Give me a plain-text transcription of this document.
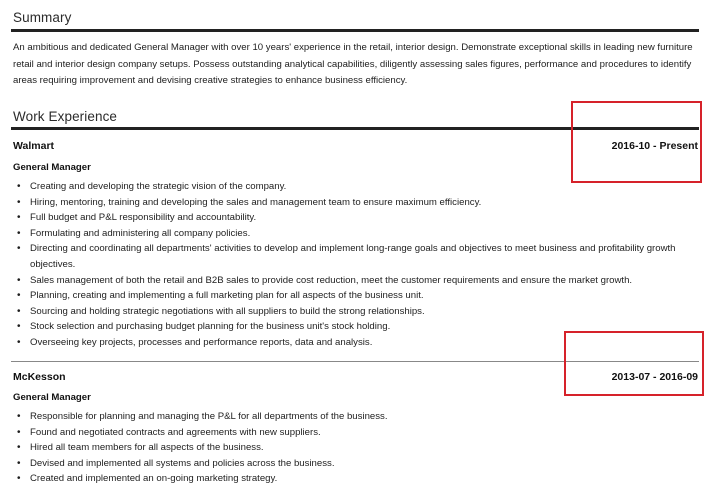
Summary
An ambitious and dedicated General Manager with over 10 years' experience in the retail, interior design. Demonstrate exceptional skills in leading new furniture retail and interior design company setups. Possess outstanding analytical capabilities, diligently assessing sales figures, performance and procedures to identify areas requiring improvement and devising creative strategies to enhance business efficiency.
Work Experience
Walmart	2016-10 - Present
General Manager
• Creating and developing the strategic vision of the company.
• Hiring, mentoring, training and developing the sales and management team to ensure maximum efficiency.
• Full budget and P&L responsibility and accountability.
• Formulating and administering all company policies.
• Directing and coordinating all departments' activities to develop and implement long-range goals and objectives to meet business and profitability growth objectives.
• Sales management of both the retail and B2B sales to provide cost reduction, meet the customer requirements and ensure the market growth.
• Planning, creating and implementing a full marketing plan for all aspects of the business unit.
• Sourcing and holding strategic negotiations with all suppliers to build the strong relationships.
• Stock selection and purchasing budget planning for the business unit's stock holding.
• Overseeing key projects, processes and performance reports, data and analysis.
McKesson	2013-07 - 2016-09
General Manager
• Responsible for planning and managing the P&L for all departments of the business.
• Found and negotiated contracts and agreements with new suppliers.
• Hired all team members for all aspects of the business.
• Devised and implemented all systems and policies across the business.
• Created and implemented an on-going marketing strategy.
